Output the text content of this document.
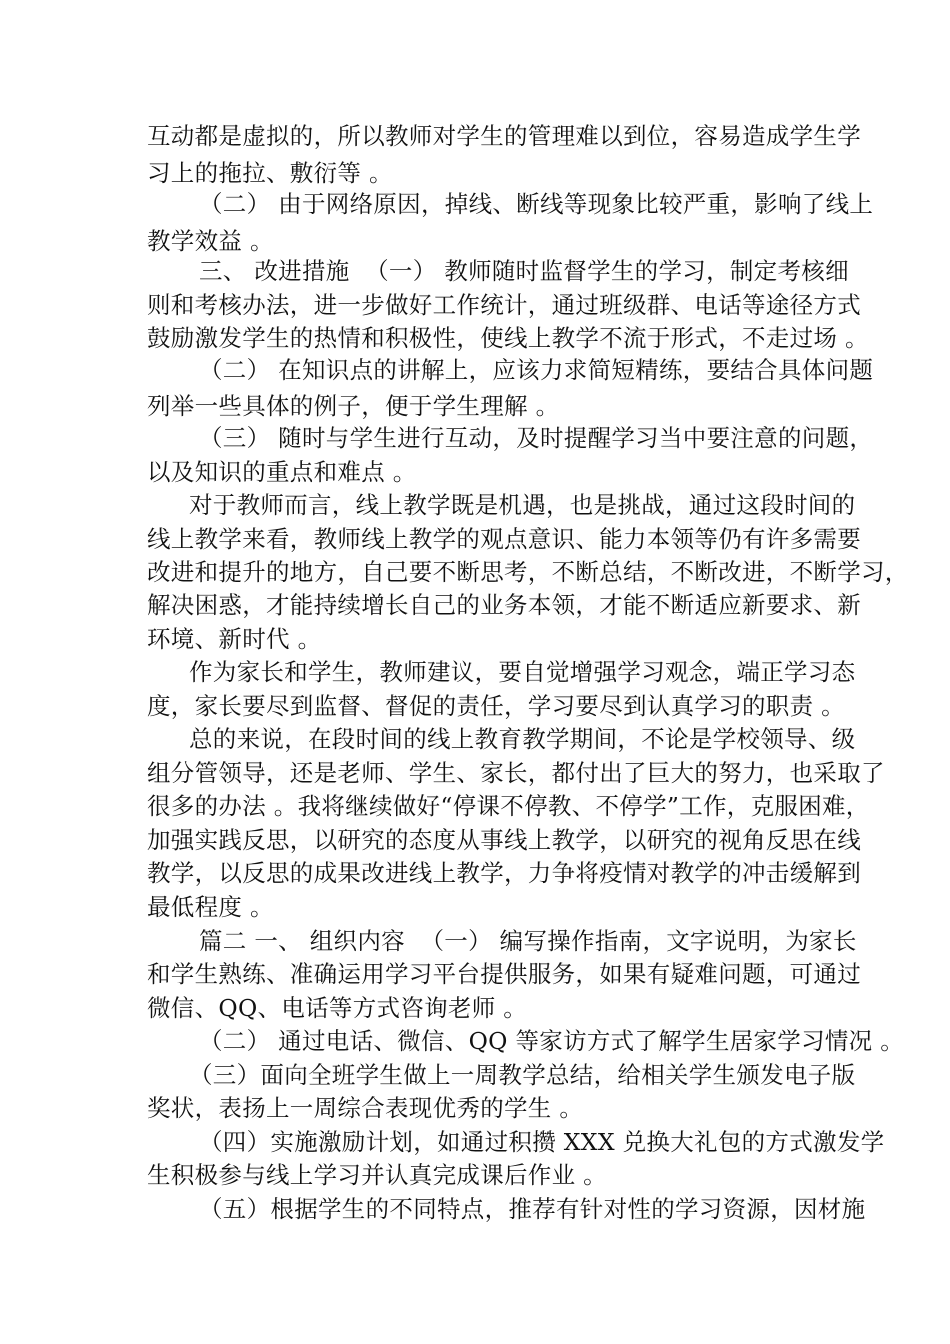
互动都是虚拟的，所以教师对学生的管理难以到位，容易造成学生学
习上的拖拉、敷衍等 。
（二） 由于网络原因，掉线、断线等现象比较严重，影响了线上
教学效益 。
三、 改进措施  （一） 教师随时监督学生的学习，制定考核细
则和考核办法，进一步做好工作统计，通过班级群、电话等途径方式
鼓励激发学生的热情和积极性，使线上教学不流于形式，不走过场 。
（二） 在知识点的讲解上，应该力求简短精练，要结合具体问题
列举一些具体的例子，便于学生理解 。
（三） 随时与学生进行互动，及时提醒学习当中要注意的问题，
以及知识的重点和难点 。
对于教师而言，线上教学既是机遇，也是挑战，通过这段时间的
线上教学来看，教师线上教学的观点意识、能力本领等仍有许多需要
改进和提升的地方，自己要不断思考，不断总结，不断改进，不断学习，
解决困惑，才能持续增长自己的业务本领，才能不断适应新要求、新
环境、新时代 。
作为家长和学生，教师建议，要自觉增强学习观念，端正学习态
度，家长要尽到监督、督促的责任，学习要尽到认真学习的职责 。
总的来说，在段时间的线上教育教学期间，不论是学校领导、级
组分管领导，还是老师、学生、家长，都付出了巨大的努力，也采取了
很多的办法 。我将继续做好“停课不停教、不停学”工作，克服困难，
加强实践反思，以研究的态度从事线上教学，以研究的视角反思在线
教学，以反思的成果改进线上教学，力争将疫情对教学的冲击缓解到
最低程度 。
篇二 一、 组织内容  （一） 编写操作指南，文字说明，为家长
和学生熟练、准确运用学习平台提供服务，如果有疑难问题，可通过
微信、QQ、电话等方式咨询老师 。
（二） 通过电话、微信、QQ 等家访方式了解学生居家学习情况 。
（三）面向全班学生做上一周教学总结，给相关学生颁发电子版
奖状，表扬上一周综合表现优秀的学生 。
（四）实施激励计划，如通过积攒 XXX 兑换大礼包的方式激发学
生积极参与线上学习并认真完成课后作业 。
（五）根据学生的不同特点，推荐有针对性的学习资源，因材施
